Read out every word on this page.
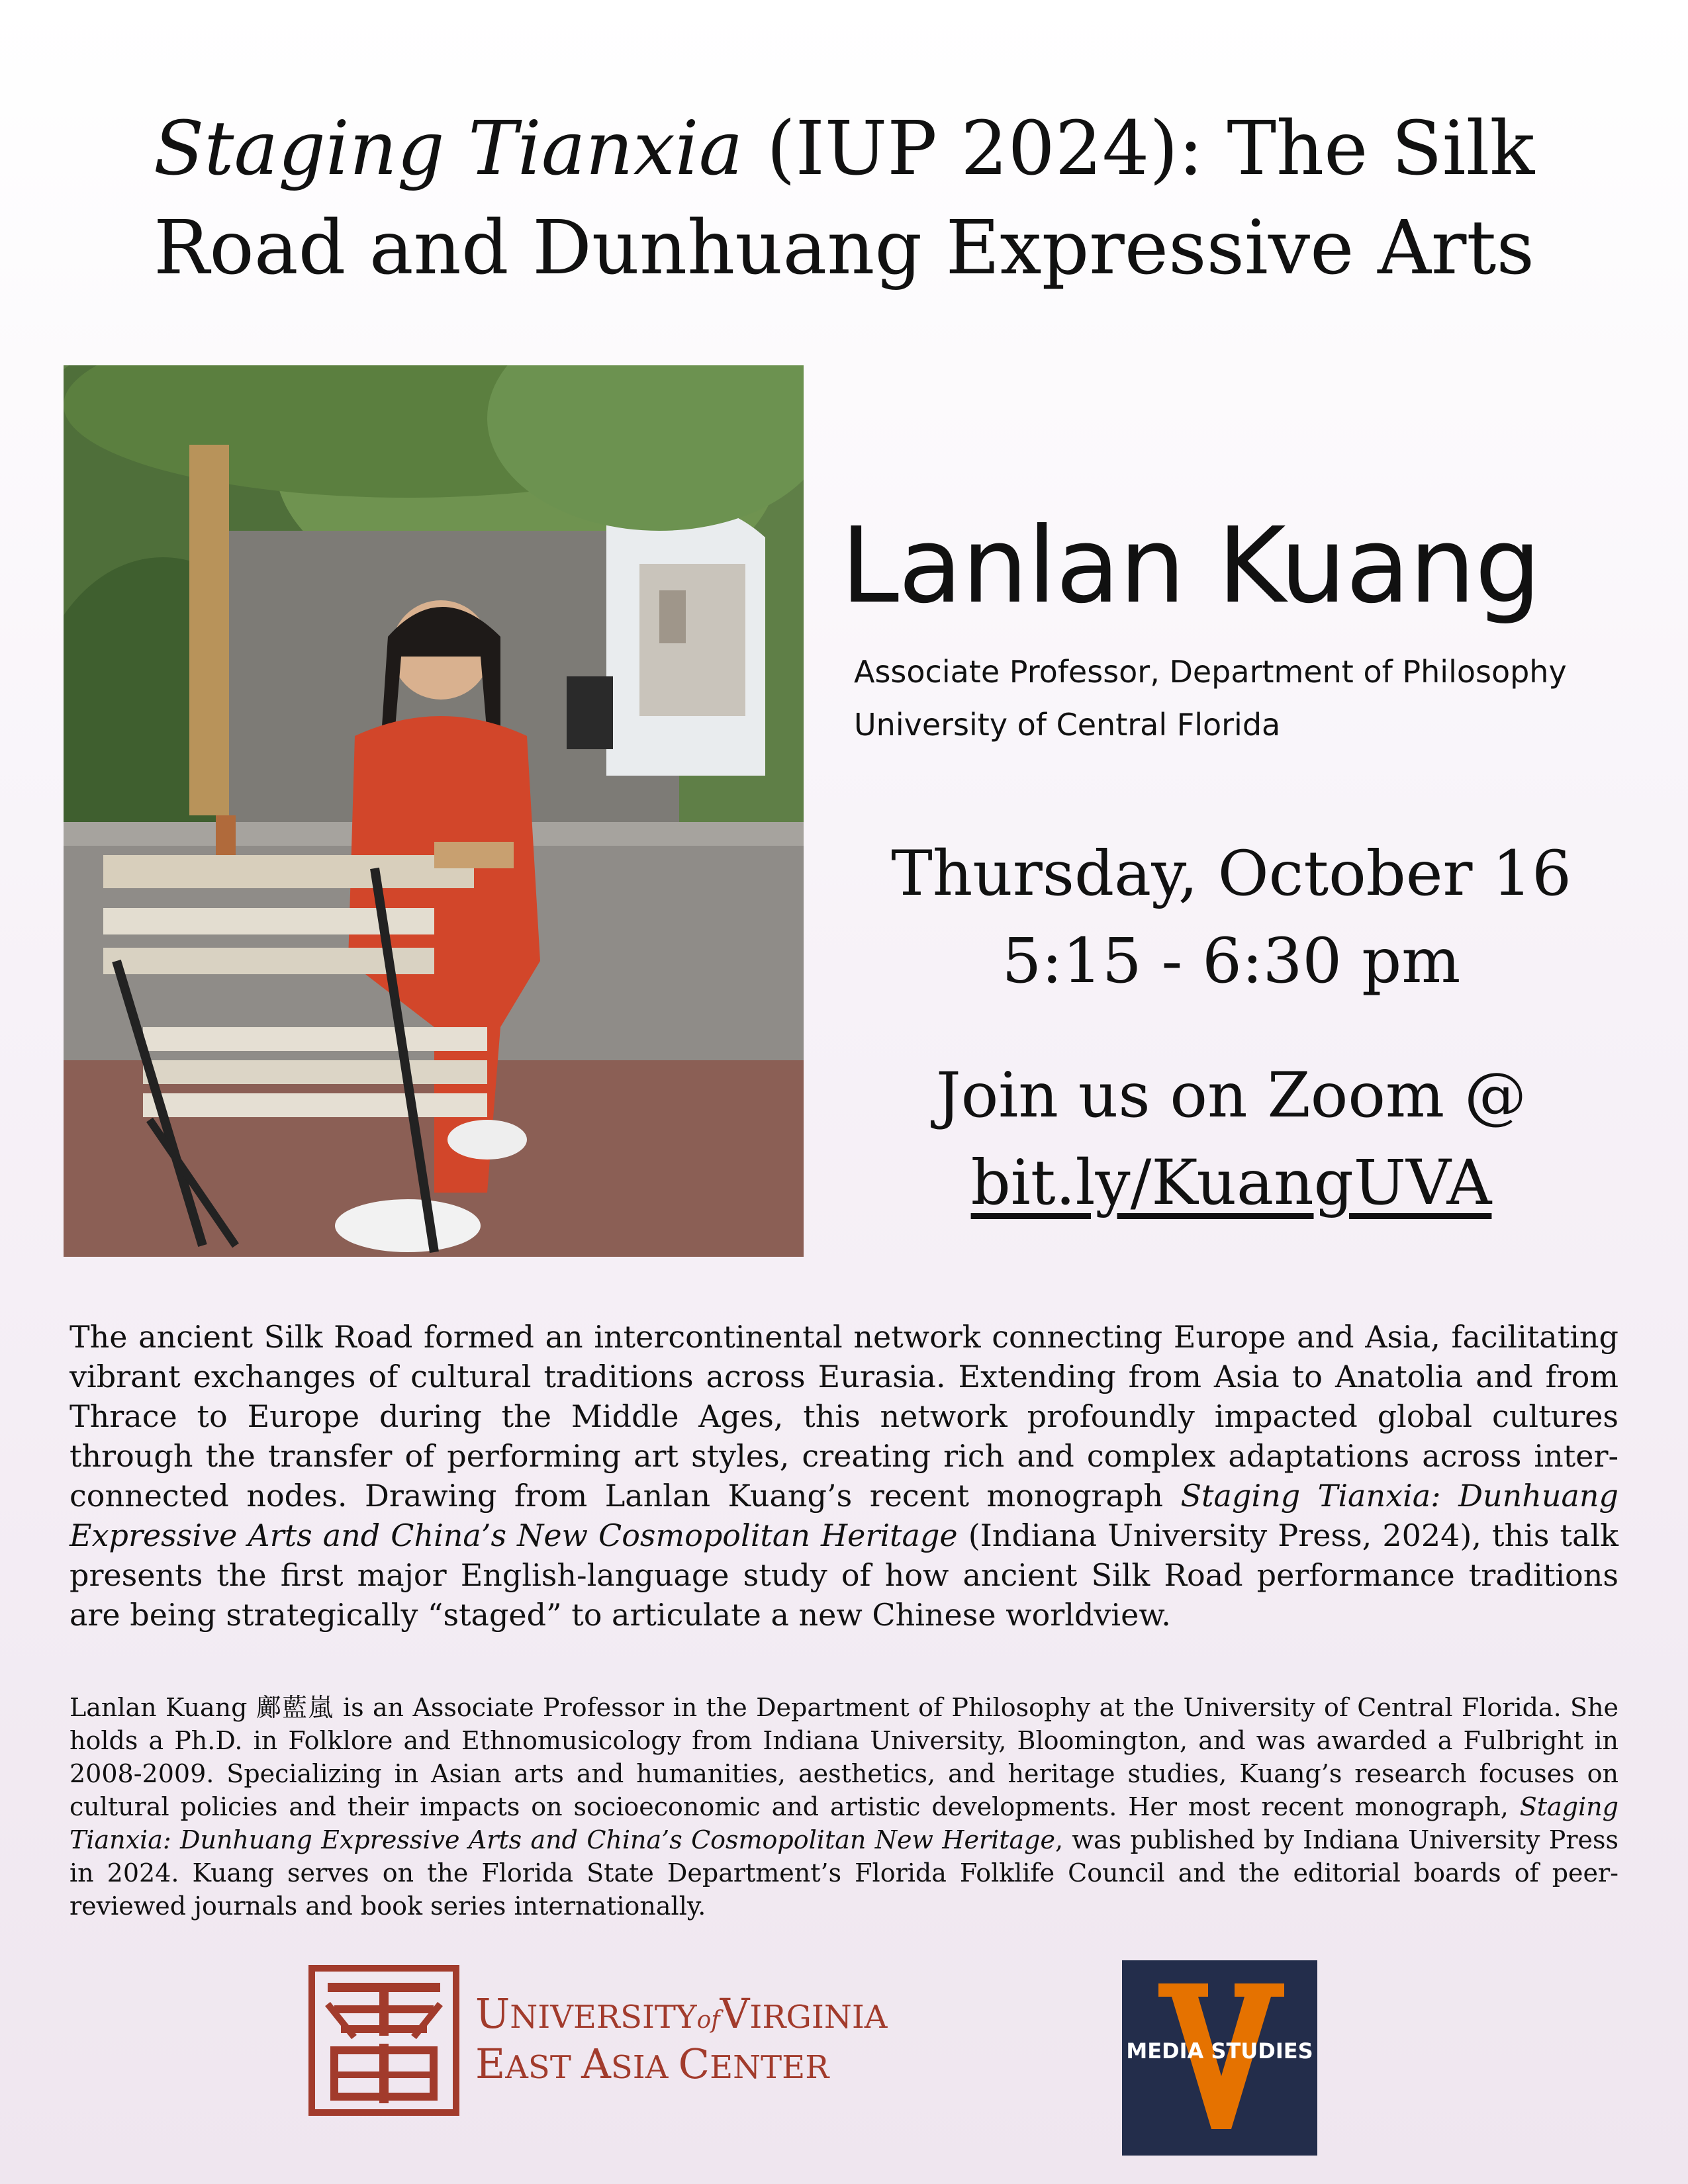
Staging Tianxia (IUP 2024): The Silk
Road and Dunhuang Expressive Arts
Lanlan Kuang
Associate Professor, Department of Philosophy
University of Central Florida
Thursday, October 16
5:15 - 6:30 pm
Join us on Zoom @
bit.ly/KuangUVA

The ancient Silk Road formed an intercontinental network connecting Europe and Asia, facilitating vibrant exchanges of cultural traditions across Eurasia. Extending from Asia to Anatolia and from Thrace to Europe during the Middle Ages, this network profoundly impacted global cultures through the transfer of performing art styles, creating rich and complex adaptations across inter-connected nodes. Drawing from Lanlan Kuang’s recent monograph Staging Tianxia: Dunhuang Expressive Arts and China’s New Cosmopolitan Heritage (Indiana University Press, 2024), this talk presents the first major English-language study of how ancient Silk Road performance traditions are being strategically “staged” to articulate a new Chinese worldview.

Lanlan Kuang 鄺藍嵐 is an Associate Professor in the Department of Philosophy at the University of Central Florida. She holds a Ph.D. in Folklore and Ethnomusicology from Indiana University, Bloomington, and was awarded a Fulbright in 2008-2009. Specializing in Asian arts and humanities, aesthetics, and heritage studies, Kuang’s research focuses on cultural policies and their impacts on socioeconomic and artistic developments. Her most recent monograph, Staging Tianxia: Dunhuang Expressive Arts and China’s Cosmopolitan New Heritage, was published by Indiana University Press in 2024. Kuang serves on the Florida State Department’s Florida Folklife Council and the editorial boards of peer-reviewed journals and book series internationally.

UNIVERSITYofVIRGINIA
EAST ASIA CENTER	MEDIA STUDIES
